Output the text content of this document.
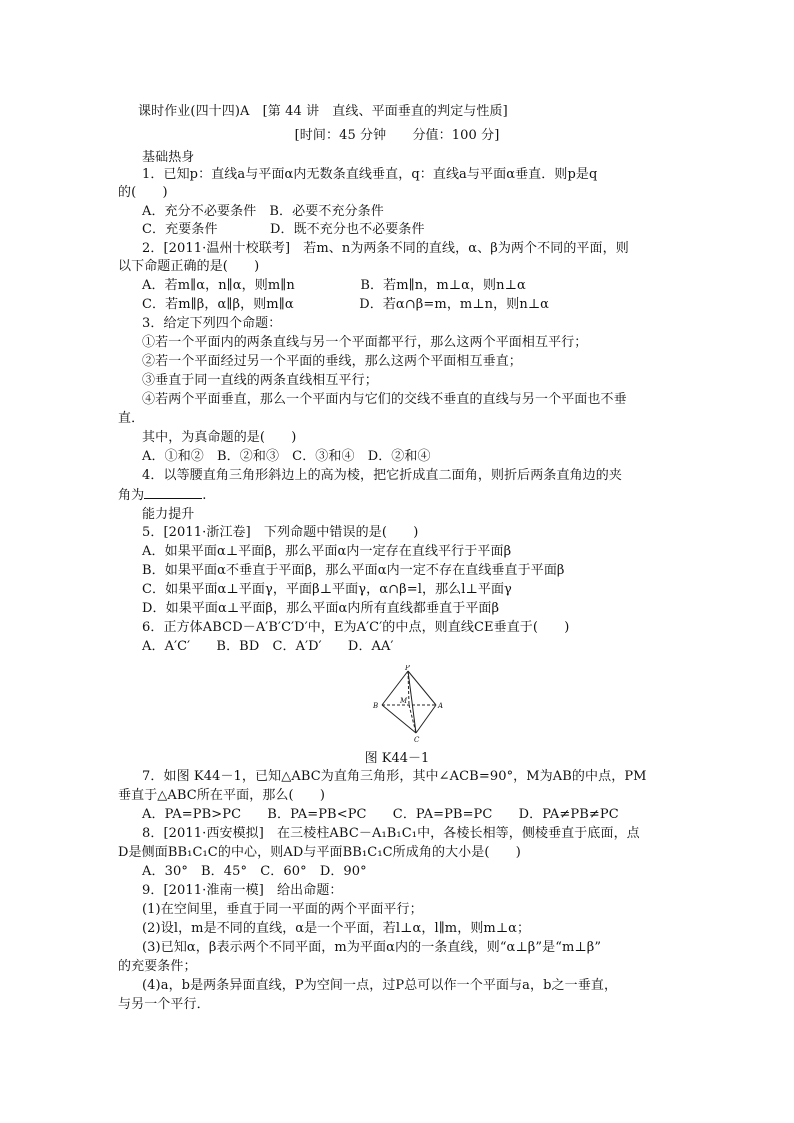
课时作业(四十四)A　[第 44 讲　直线、平面垂直的判定与性质]
[时间：45 分钟　　分值：100 分]
基础热身
1．已知p：直线a与平面α内无数条直线垂直，q：直线a与平面α垂直．则p是q
的(　　)
A．充分不必要条件　B．必要不充分条件
C．充要条件　　　　D．既不充分也不必要条件
2．[2011·温州十校联考]　若m、n为两条不同的直线，α、β为两个不同的平面，则
以下命题正确的是(　　)
A．若m∥α，n∥α，则m∥n　　　　　B．若m∥n，m⊥α，则n⊥α
C．若m∥β，α∥β，则m∥α　　　　　D．若α∩β=m，m⊥n，则n⊥α
3．给定下列四个命题：
①若一个平面内的两条直线与另一个平面都平行，那么这两个平面相互平行；
②若一个平面经过另一个平面的垂线，那么这两个平面相互垂直；
③垂直于同一直线的两条直线相互平行；
④若两个平面垂直，那么一个平面内与它们的交线不垂直的直线与另一个平面也不垂
直．
其中，为真命题的是(　　)
A．①和②　B．②和③　C．③和④　D．②和④
4．以等腰直角三角形斜边上的高为棱，把它折成直二面角，则折后两条直角边的夹
角为	.
能力提升
5．[2011·浙江卷]　下列命题中错误的是(　　)
A．如果平面α⊥平面β，那么平面α内一定存在直线平行于平面β
B．如果平面α不垂直于平面β，那么平面α内一定不存在直线垂直于平面β
C．如果平面α⊥平面γ，平面β⊥平面γ，α∩β=l，那么l⊥平面γ
D．如果平面α⊥平面β，那么平面α内所有直线都垂直于平面β
6．正方体ABCD－A′B′C′D′中，E为A′C′的中点，则直线CE垂直于(　　)
A．A′C′　　B．BD　C．A′D′　　D．AA′
P
B	A
C
M
图 K44－1
7．如图 K44－1，已知△ABC为直角三角形，其中∠ACB=90°，M为AB的中点，PM
垂直于△ABC所在平面，那么(　　)
A．PA=PB>PC　　B．PA=PB<PC　　C．PA=PB=PC　　D．PA≠PB≠PC
8．[2011·西安模拟]　在三棱柱ABC－A₁B₁C₁中，各棱长相等，侧棱垂直于底面，点
D是侧面BB₁C₁C的中心，则AD与平面BB₁C₁C所成角的大小是(　　)
A．30°　B．45°　C．60°　D．90°
9．[2011·淮南一模]　给出命题：
(1)在空间里，垂直于同一平面的两个平面平行；
(2)设l，m是不同的直线，α是一个平面，若l⊥α，l∥m，则m⊥α；
(3)已知α，β表示两个不同平面，m为平面α内的一条直线，则“α⊥β”是“m⊥β”
的充要条件；
(4)a，b是两条异面直线，P为空间一点，过P总可以作一个平面与a，b之一垂直，
与另一个平行．
